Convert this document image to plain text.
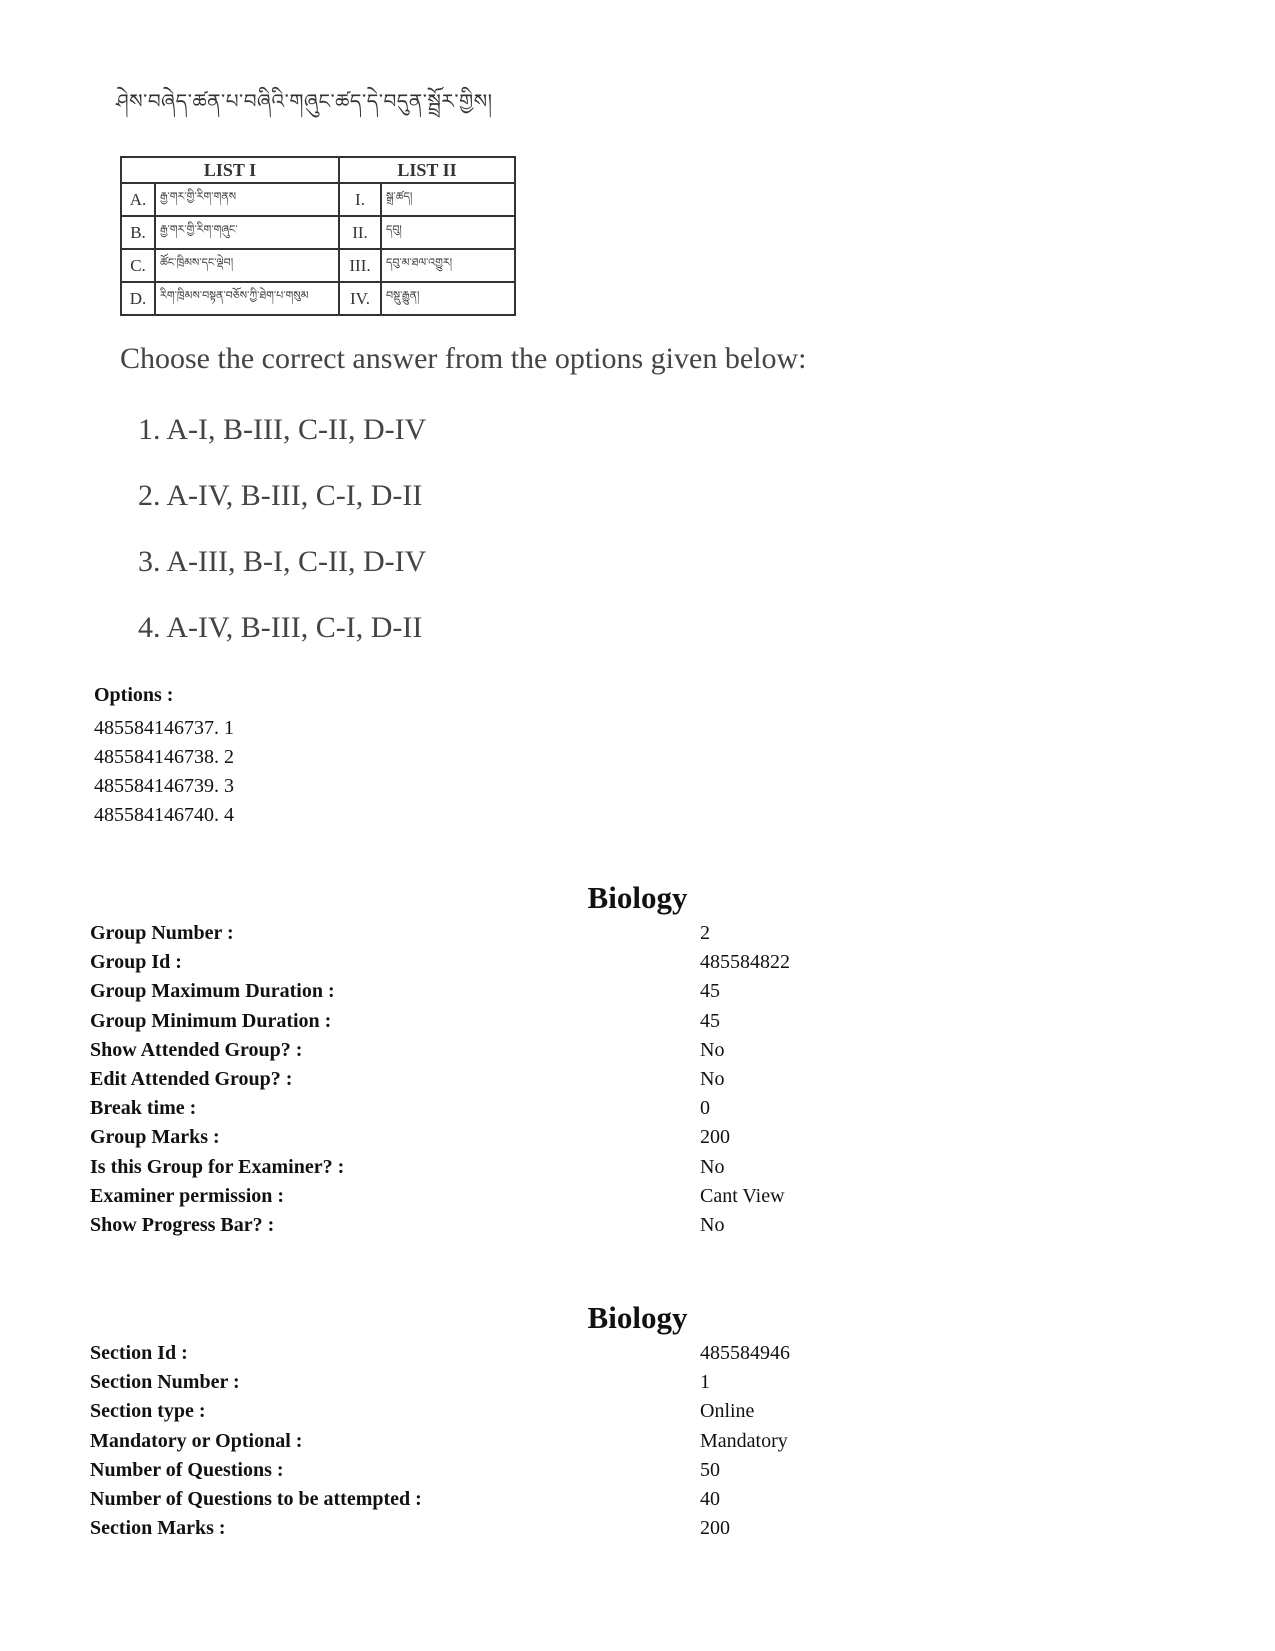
ཤེས་བཞེད་ཚན་པ་བཞིའི་གཞུང་ཚད་དེ་བདུན་སྦྲོར་གྱིས།
LIST I		LIST II	
A.	རྒྱ་གར་གྱི་རིག་གནས	I.	སྒྲ་ཚད།
B.	རྒྱ་གར་གྱི་རིག་གཞུང་	II.	དབུ།
C.	ཚོང་ཁྲིམས་དང་ལྡེབ།	III.	དབུ་མ་ཐལ་འགྱུར།
D.	རིག་ཁྲིམས་བསྟན་བཅོས་ཀྱི་ཐེག་པ་གསུམ	IV.	བསྡུ་རྒྱུན།
Choose the correct answer from the options given below:
1. A-I, B-III, C-II, D-IV
2. A-IV, B-III, C-I, D-II
3. A-III, B-I, C-II, D-IV
4. A-IV, B-III, C-I, D-II
Options :
485584146737. 1
485584146738. 2
485584146739. 3
485584146740. 4
Biology
Group Number :	2
Group Id :	485584822
Group Maximum Duration :	45
Group Minimum Duration :	45
Show Attended Group? :	No
Edit Attended Group? :	No
Break time :	0
Group Marks :	200
Is this Group for Examiner? :	No
Examiner permission :	Cant View
Show Progress Bar? :	No
Biology
Section Id :	485584946
Section Number :	1
Section type :	Online
Mandatory or Optional :	Mandatory
Number of Questions :	50
Number of Questions to be attempted :	40
Section Marks :	200
